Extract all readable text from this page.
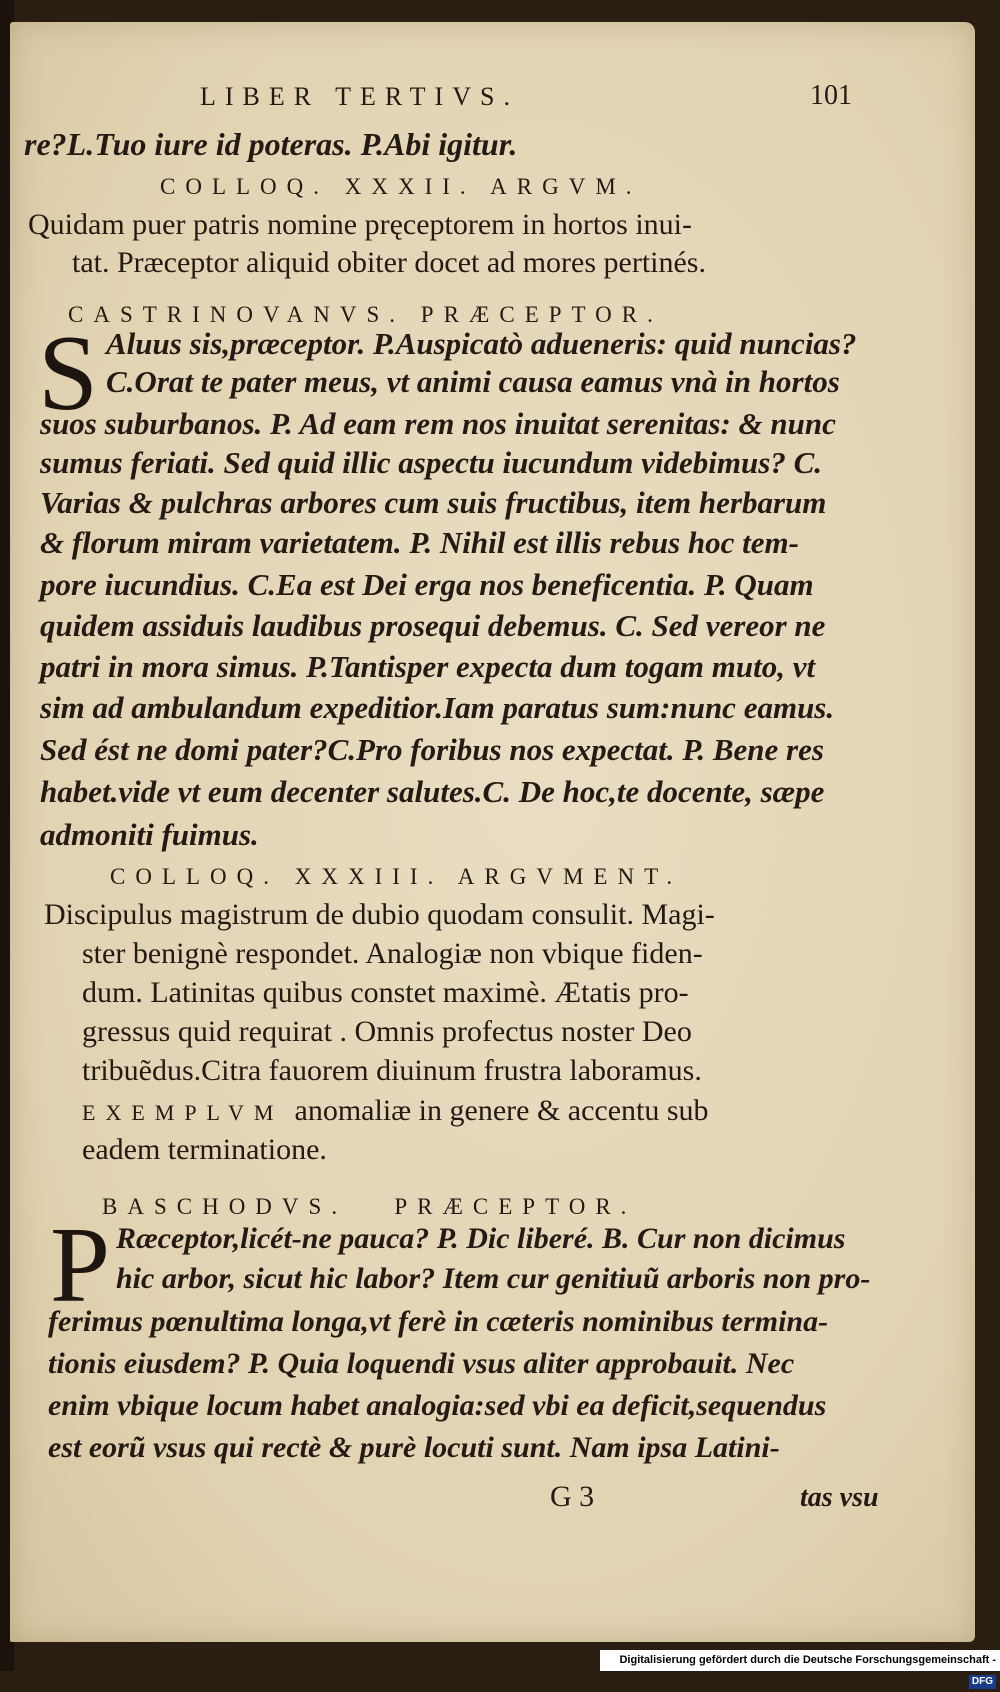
LIBER TERTIVS.	101
re?L.Tuo iure id poteras. P.Abi igitur.
COLLOQ. XXXII. ARGVM.
Quidam puer patris nomine pręceptorem in hortos inui-
tat. Præceptor aliquid obiter docet ad mores pertinés.
CASTRINOVANVS. PRÆCEPTOR.
S Aluus sis,præceptor. P.Auspicatò adueneris: quid nuncias?
C.Orat te pater meus, vt animi causa eamus vnà in hortos
suos suburbanos. P. Ad eam rem nos inuitat serenitas: & nunc
sumus feriati. Sed quid illic aspectu iucundum videbimus? C.
Varias & pulchras arbores cum suis fructibus, item herbarum
& florum miram varietatem. P. Nihil est illis rebus hoc tem-
pore iucundius. C.Ea est Dei erga nos beneficentia. P. Quam
quidem assiduis laudibus prosequi debemus. C. Sed vereor ne
patri in mora simus. P.Tantisper expecta dum togam muto, vt
sim ad ambulandum expeditior.Iam paratus sum:nunc eamus.
Sed ést ne domi pater?C.Pro foribus nos expectat. P. Bene res
habet.vide vt eum decenter salutes.C. De hoc,te docente, sæpe
admoniti fuimus.
COLLOQ. XXXIII. ARGVMENT.
Discipulus magistrum de dubio quodam consulit. Magi-
ster benignè respondet. Analogiæ non vbique fiden-
dum. Latinitas quibus constet maximè. Ætatis pro-
gressus quid requirat . Omnis profectus noster Deo
tribuẽdus.Citra fauorem diuinum frustra laboramus.
EXEMPLVM anomaliæ in genere & accentu sub
eadem terminatione.
BASCHODVS.   PRÆCEPTOR.
P Ræceptor,licét-ne pauca? P. Dic liberé. B. Cur non dicimus
hic arbor, sicut hic labor? Item cur genitiuũ arboris non pro-
ferimus pœnultima longa,vt ferè in cæteris nominibus termina-
tionis eiusdem? P. Quia loquendi vsus aliter approbauit. Nec
enim vbique locum habet analogia:sed vbi ea deficit,sequendus
est eorũ vsus qui rectè & purè locuti sunt. Nam ipsa Latini-
G 3	tas vsu
Digitalisierung gefördert durch die Deutsche Forschungsgemeinschaft -DFG
